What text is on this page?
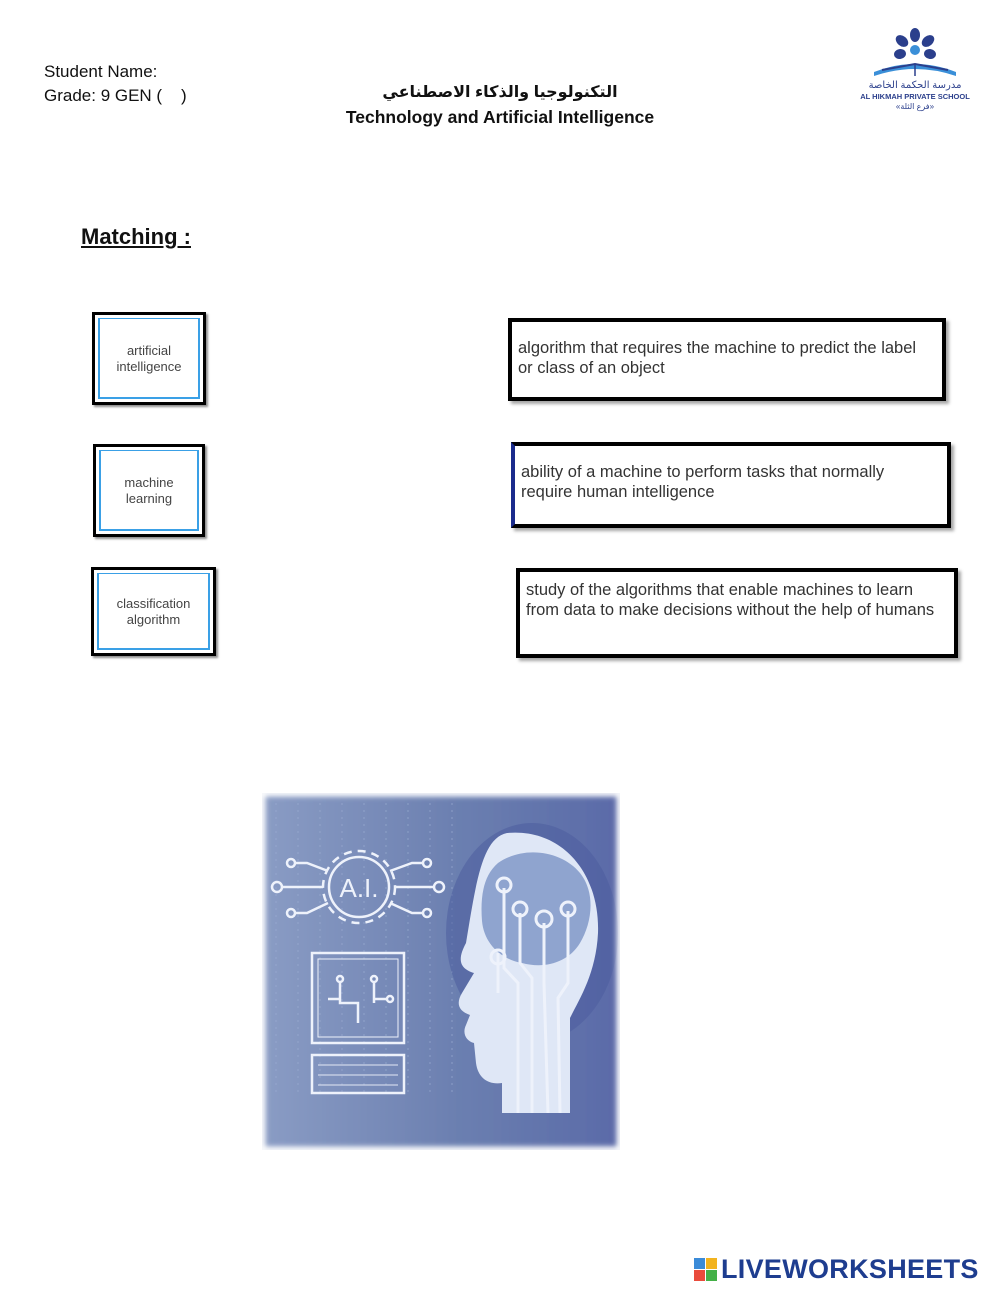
Student Name:
Grade: 9 GEN (    )	التكنولوجيا والذكاء الاصطناعي
Technology and Artificial Intelligence
مدرسة الحكمة الخاصة
AL HIKMAH PRIVATE SCHOOL
«فرع الثلة»
Matching :
artificial intelligence
machine learning
classification algorithm
algorithm that requires the machine to predict the label or class of an object
ability of a machine to perform tasks that normally require human intelligence
study of the algorithms that enable machines to learn from data to make decisions without the help of humans
A.I.
LIVEWORKSHEETS
